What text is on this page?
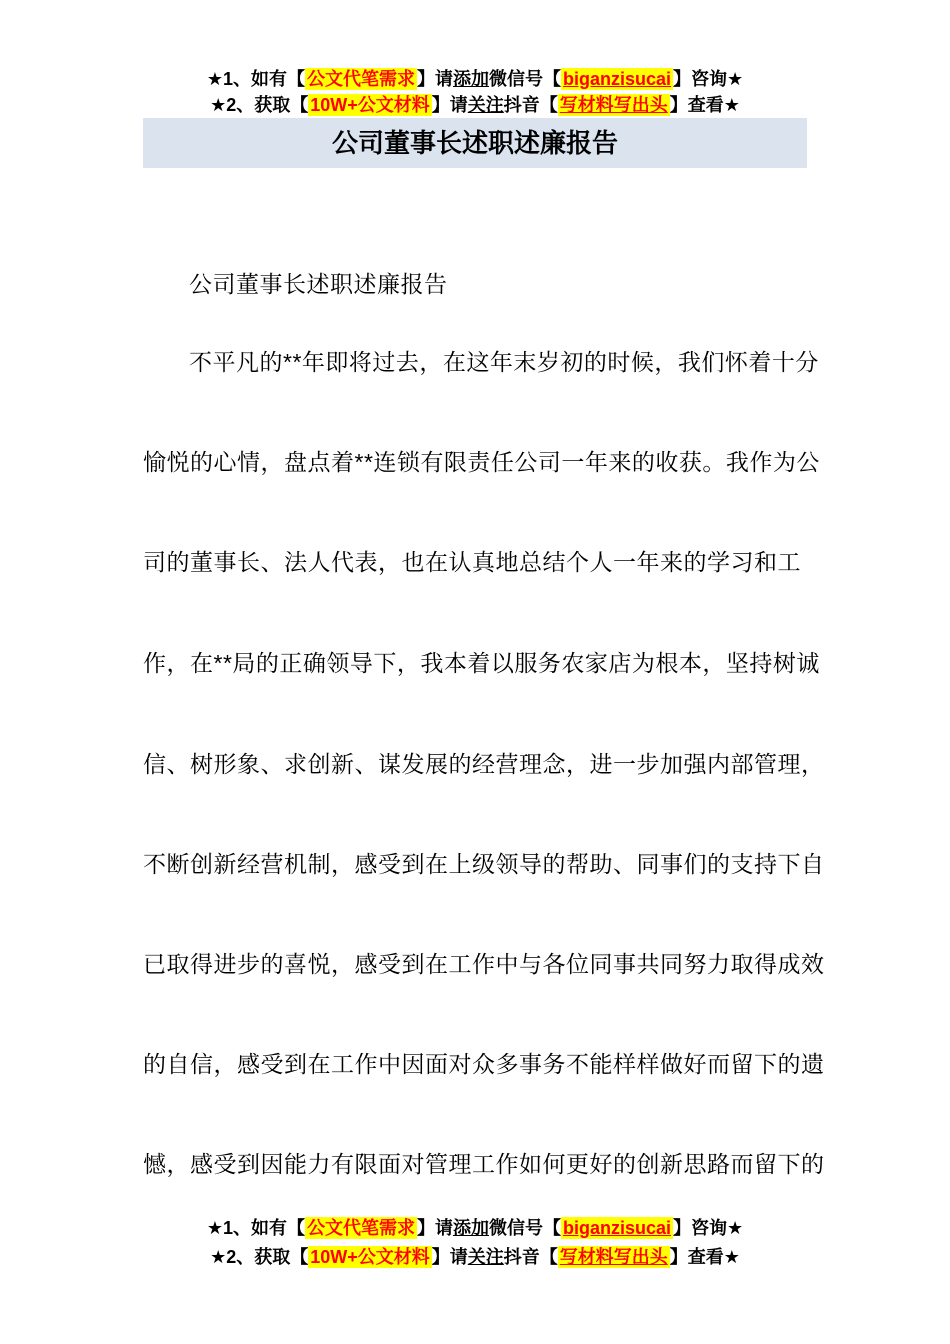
★1、如有【 公文代笔需求 】请添加微信号【 biganzisucai 】咨询★
★2、获取【 10W+公文材料 】请关注抖音【 写材料写出头 】查看★
公司董事长述职述廉报告
公司董事长述职述廉报告
不平凡的**年即将过去，在这年末岁初的时候，我们怀着十分
愉悦的心情，盘点着**连锁有限责任公司一年来的收获。我作为公
司的董事长、法人代表，也在认真地总结个人一年来的学习和工
作，在**局的正确领导下，我本着以服务农家店为根本，坚持树诚
信、树形象、求创新、谋发展的经营理念，进一步加强内部管理，
不断创新经营机制，感受到在上级领导的帮助、同事们的支持下自
已取得进步的喜悦，感受到在工作中与各位同事共同努力取得成效
的自信，感受到在工作中因面对众多事务不能样样做好而留下的遗
憾，感受到因能力有限面对管理工作如何更好的创新思路而留下的
★1、如有【 公文代笔需求 】请添加微信号【 biganzisucai 】咨询★
★2、获取【 10W+公文材料 】请关注抖音【 写材料写出头 】查看★
